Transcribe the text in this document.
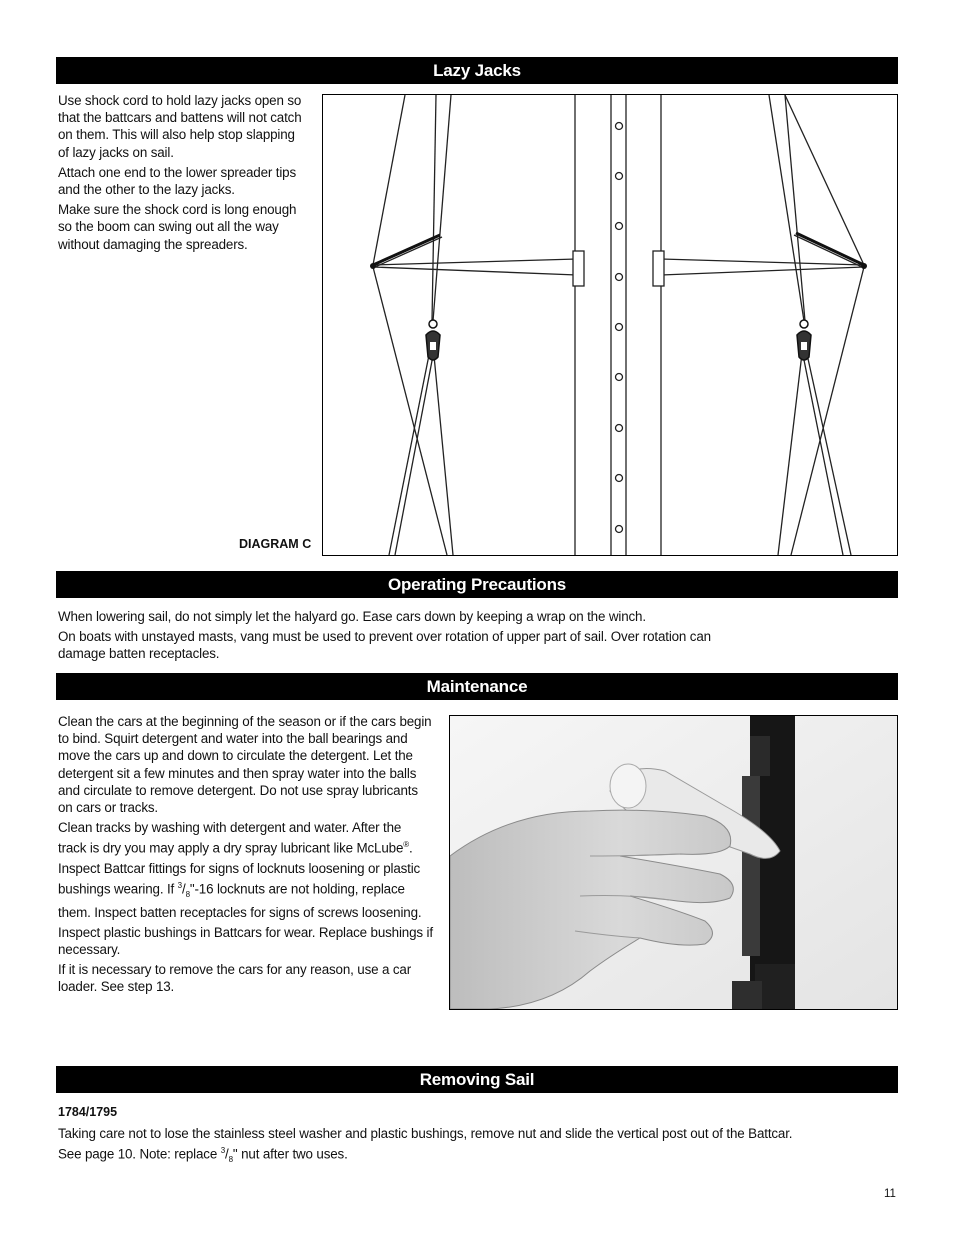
Lazy Jacks

Use shock cord to hold lazy jacks open so that the battcars and battens will not catch on them. This will also help stop slapping of lazy jacks on sail.

Attach one end to the lower spreader tips and the other to the lazy jacks.

Make sure the shock cord is long enough so the boom can swing out all the way without damaging the spreaders.

DIAGRAM C
Operating Precautions

When lowering sail, do not simply let the halyard go. Ease cars down by keeping a wrap on the winch.

On boats with unstayed masts, vang must be used to prevent over rotation of upper part of sail. Over rotation can damage batten receptacles.

Maintenance

Clean the cars at the beginning of the season or if the cars begin to bind. Squirt detergent and water into the ball bearings and move the cars up and down to circulate the detergent. Let the detergent sit a few minutes and then spray water into the balls and circulate to remove detergent. Do not use spray lubricants on cars or tracks.

Clean tracks by washing with detergent and water. After the track is dry you may apply a dry spray lubricant like McLube®.

Inspect Battcar fittings for signs of locknuts loosening or plastic bushings wearing. If $^3/_8"-16$ locknuts are not holding, replace them. Inspect batten receptacles for signs of screws loosening.

Inspect plastic bushings in Battcars for wear. Replace bushings if necessary.

If it is necessary to remove the cars for any reason, use a car loader. See step 13.

Removing Sail
1784/1795
Taking care not to lose the stainless steel washer and plastic bushings, remove nut and slide the vertical post out of the Battcar.
See page 10. Note: replace $^3/_8$" nut after two uses.
11
